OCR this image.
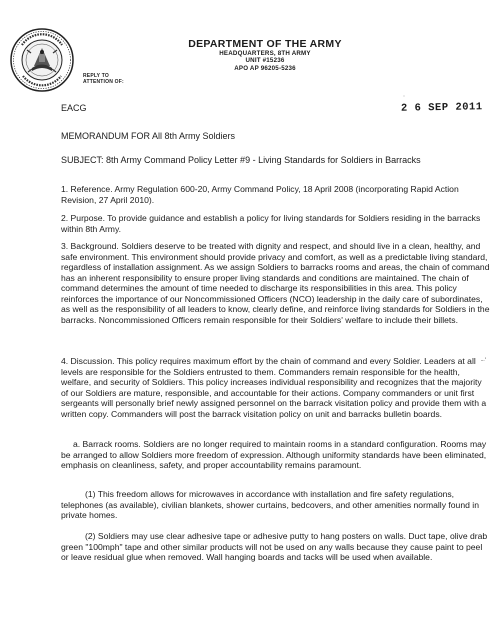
REPLY TO
ATTENTION OF:
DEPARTMENT OF THE ARMY
HEADQUARTERS, 8TH ARMY
UNIT #15236
APO AP 96205-5236
EACG
ˈ
2 6 SEP 2011
MEMORANDUM FOR All 8th Army Soldiers
SUBJECT: 8th Army Command Policy Letter #9 - Living Standards for Soldiers in Barracks

1. Reference. Army Regulation 600-20, Army Command Policy, 18 April 2008 (incorporating Rapid Action Revision, 27 April 2010).

2. Purpose. To provide guidance and establish a policy for living standards for Soldiers residing in the barracks within 8th Army.

3. Background. Soldiers deserve to be treated with dignity and respect, and should live in a clean, healthy, and safe environment. This environment should provide privacy and comfort, as well as a predictable living standard, regardless of installation assignment. As we assign Soldiers to barracks rooms and areas, the chain of command has an inherent responsibility to ensure proper living standards and conditions are maintained. The chain of command determines the amount of time needed to discharge its responsibilities in this area. This policy reinforces the importance of our Noncommissioned Officers (NCO) leadership in the daily care of subordinates, as well as the responsibility of all leaders to know, clearly define, and reinforce living standards for Soldiers in the barracks. Noncommissioned Officers remain responsible for their Soldiers' welfare to include their billets.

4. Discussion. This policy requires maximum effort by the chain of command and every Soldier. Leaders at all levels are responsible for the Soldiers entrusted to them. Commanders remain responsible for the health, welfare, and security of Soldiers. This policy increases individual responsibility and recognizes that the majority of our Soldiers are mature, responsible, and accountable for their actions. Company commanders or unit first sergeants will personally brief newly assigned personnel on the barrack visitation policy and provide them with a written copy. Commanders will post the barrack visitation policy on unit and barracks bulletin boards.

a. Barrack rooms. Soldiers are no longer required to maintain rooms in a standard configuration. Rooms may be arranged to allow Soldiers more freedom of expression. Although uniformity standards have been eliminated, emphasis on cleanliness, safety, and proper accountability remains paramount.

(1) This freedom allows for microwaves in accordance with installation and fire safety regulations, telephones (as available), civilian blankets, shower curtains, bedcovers, and other amenities normally found in private homes.

(2) Soldiers may use clear adhesive tape or adhesive putty to hang posters on walls. Duct tape, olive drab green "100mph" tape and other similar products will not be used on any walls because they cause paint to peel or leave residual glue when removed. Wall hanging boards and tacks will be used when available.

-·'
